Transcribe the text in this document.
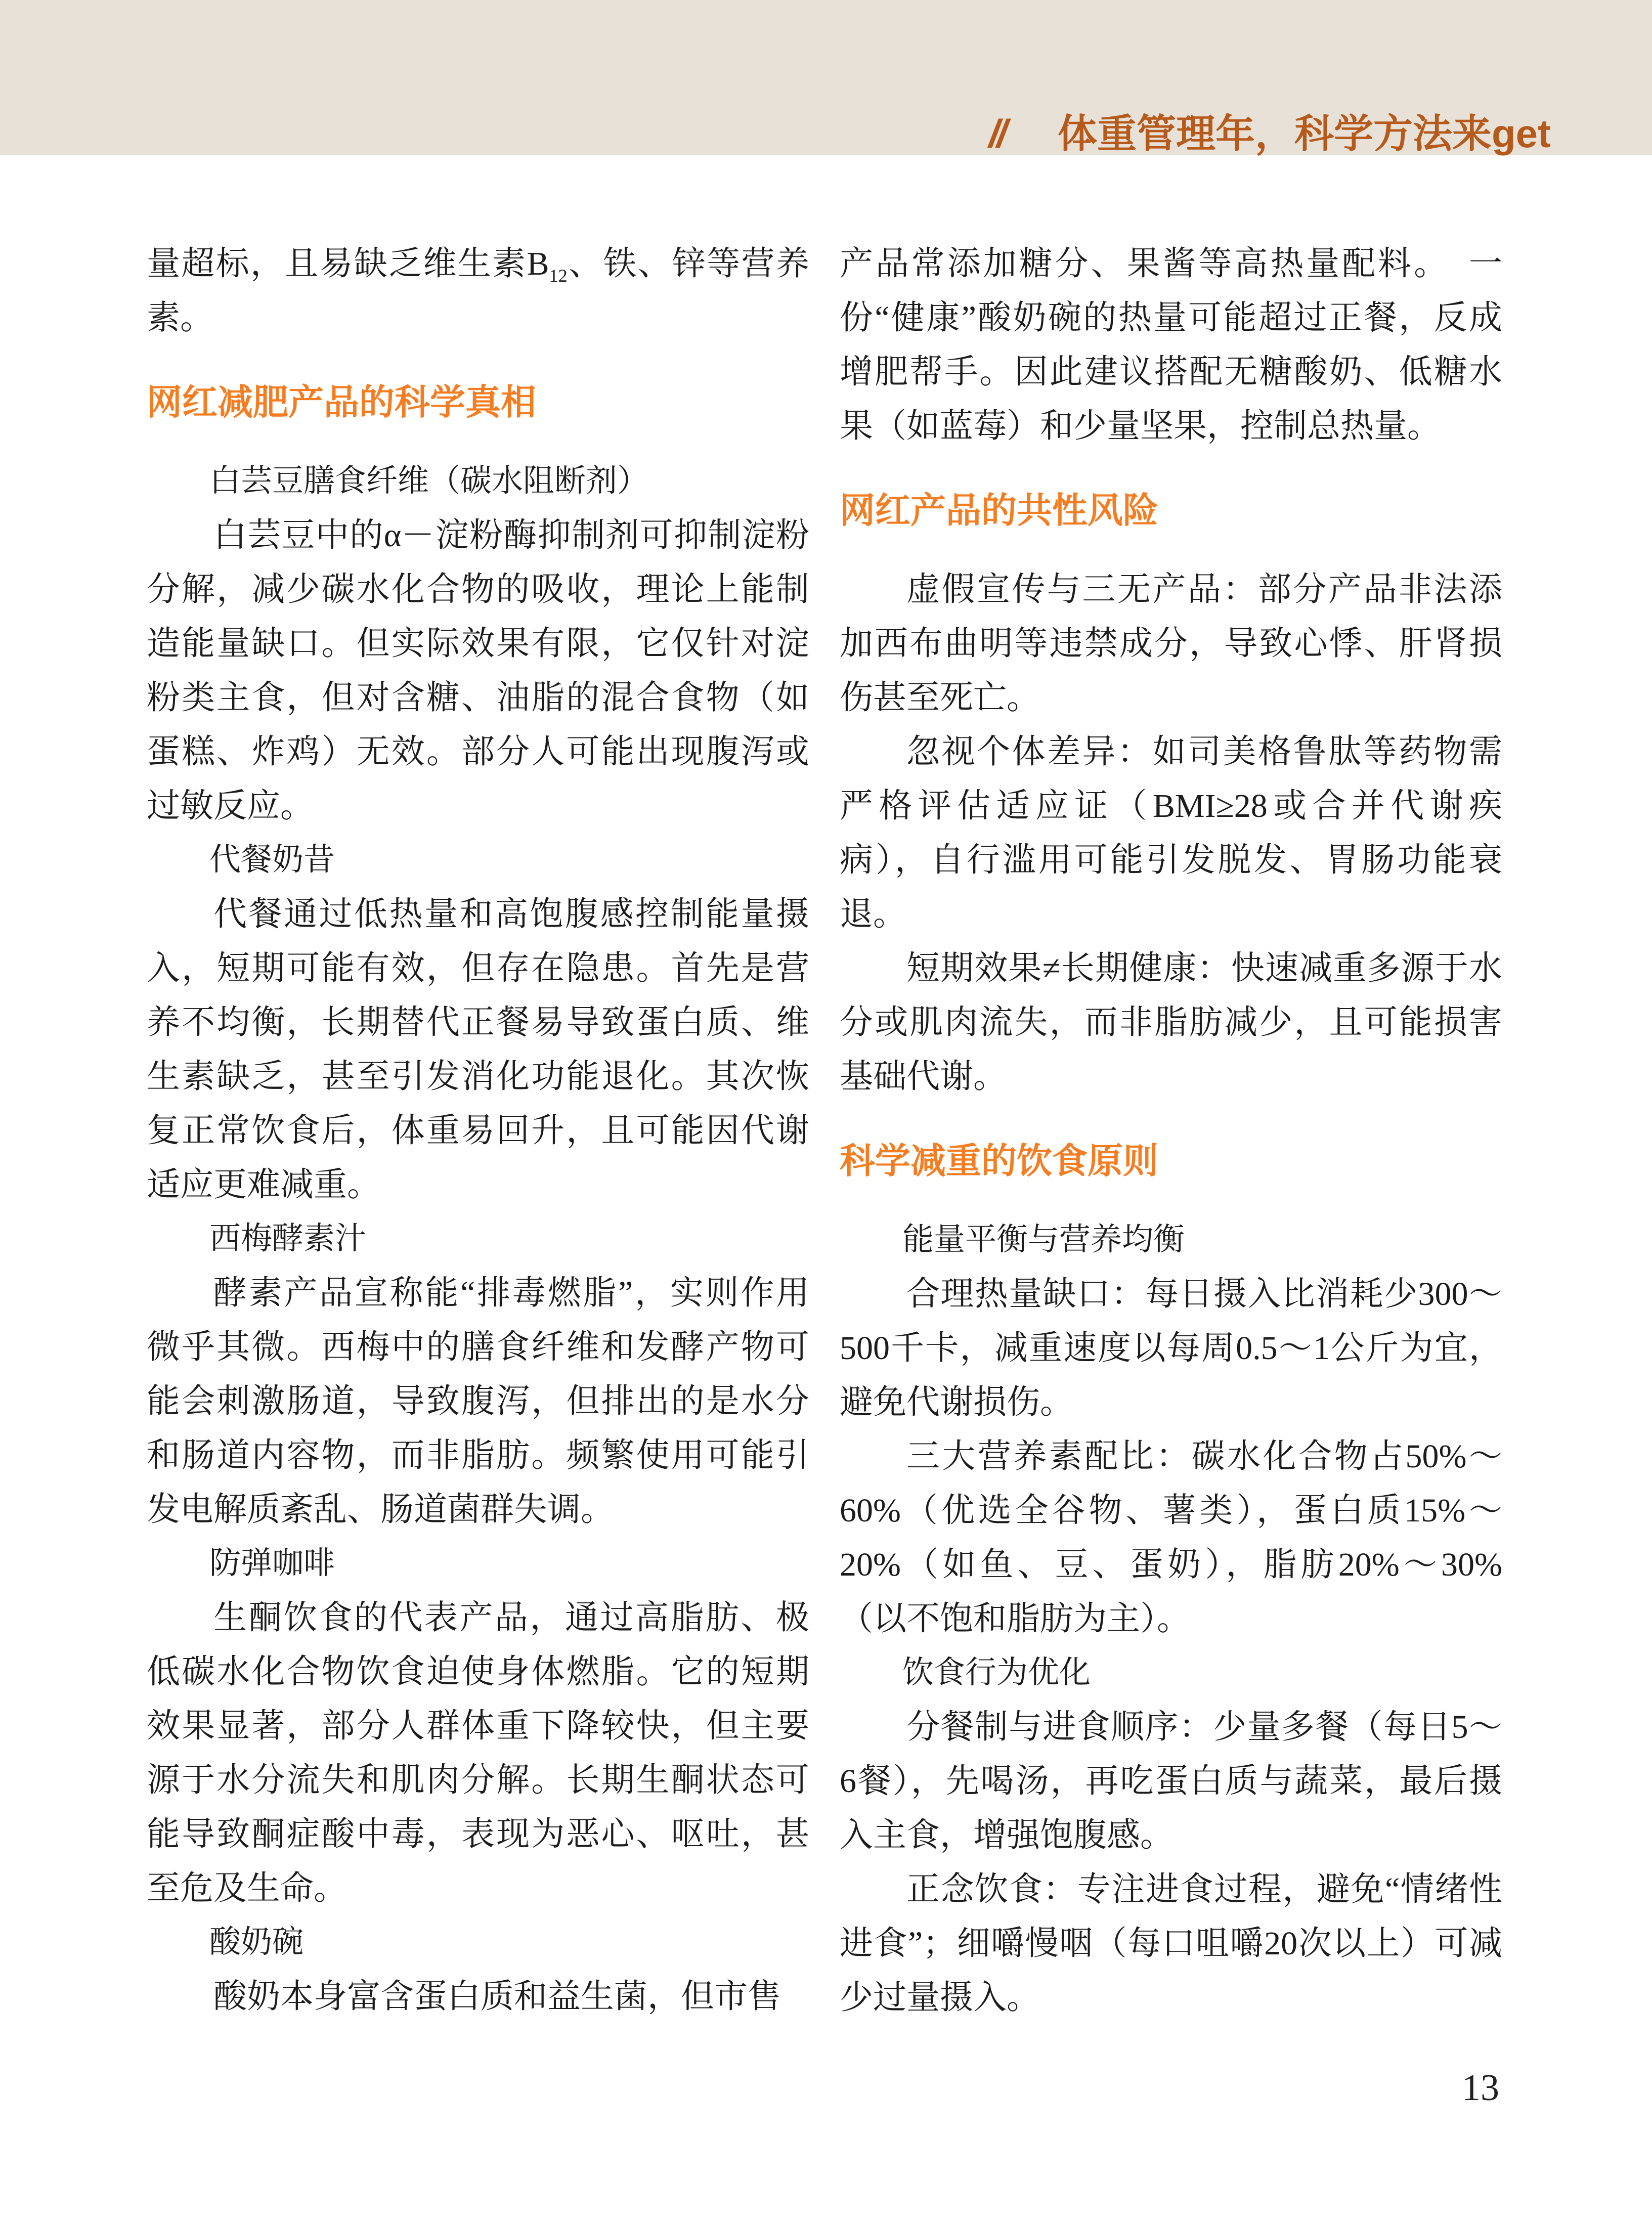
// 体重管理年，科学方法来get

量超标，且易缺乏维生素$B_{12}$、铁、锌等营养素。

网红减肥产品的科学真相

白芸豆膳食纤维（碳水阻断剂）

白芸豆中的α－淀粉酶抑制剂可抑制淀粉分解，减少碳水化合物的吸收，理论上能制造能量缺口。但实际效果有限，它仅针对淀粉类主食，但对含糖、油脂的混合食物（如蛋糕、炸鸡）无效。部分人可能出现腹泻或过敏反应。

代餐奶昔

代餐通过低热量和高饱腹感控制能量摄入，短期可能有效，但存在隐患。首先是营养不均衡，长期替代正餐易导致蛋白质、维生素缺乏，甚至引发消化功能退化。其次恢复正常饮食后，体重易回升，且可能因代谢适应更难减重。

西梅酵素汁

酵素产品宣称能“排毒燃脂”，实则作用微乎其微。西梅中的膳食纤维和发酵产物可能会刺激肠道，导致腹泻，但排出的是水分和肠道内容物，而非脂肪。频繁使用可能引发电解质紊乱、肠道菌群失调。

防弹咖啡

生酮饮食的代表产品，通过高脂肪、极低碳水化合物饮食迫使身体燃脂。它的短期效果显著，部分人群体重下降较快，但主要源于水分流失和肌肉分解。长期生酮状态可能导致酮症酸中毒，表现为恶心、呕吐，甚至危及生命。

酸奶碗

酸奶本身富含蛋白质和益生菌，但市售

产品常添加糖分、果酱等高热量配料。　一份“健康”酸奶碗的热量可能超过正餐，反成增肥帮手。因此建议搭配无糖酸奶、低糖水果（如蓝莓）和少量坚果，控制总热量。

网红产品的共性风险

虚假宣传与三无产品：部分产品非法添加西布曲明等违禁成分，导致心悸、肝肾损伤甚至死亡。

忽视个体差异：如司美格鲁肽等药物需严格评估适应证（BMI≥28或合并代谢疾病），自行滥用可能引发脱发、胃肠功能衰退。

短期效果≠长期健康：快速减重多源于水分或肌肉流失，而非脂肪减少，且可能损害基础代谢。

科学减重的饮食原则

能量平衡与营养均衡

合理热量缺口：每日摄入比消耗少300～500千卡，减重速度以每周0.5～1公斤为宜，避免代谢损伤。

三大营养素配比：碳水化合物占50%～60%（优选全谷物、薯类），蛋白质15%～20%（如鱼、豆、蛋奶），脂肪20%～30%（以不饱和脂肪为主）。

饮食行为优化

分餐制与进食顺序：少量多餐（每日5～6餐），先喝汤，再吃蛋白质与蔬菜，最后摄入主食，增强饱腹感。

正念饮食：专注进食过程，避免“情绪性进食”；细嚼慢咽（每口咀嚼20次以上）可减少过量摄入。

13
